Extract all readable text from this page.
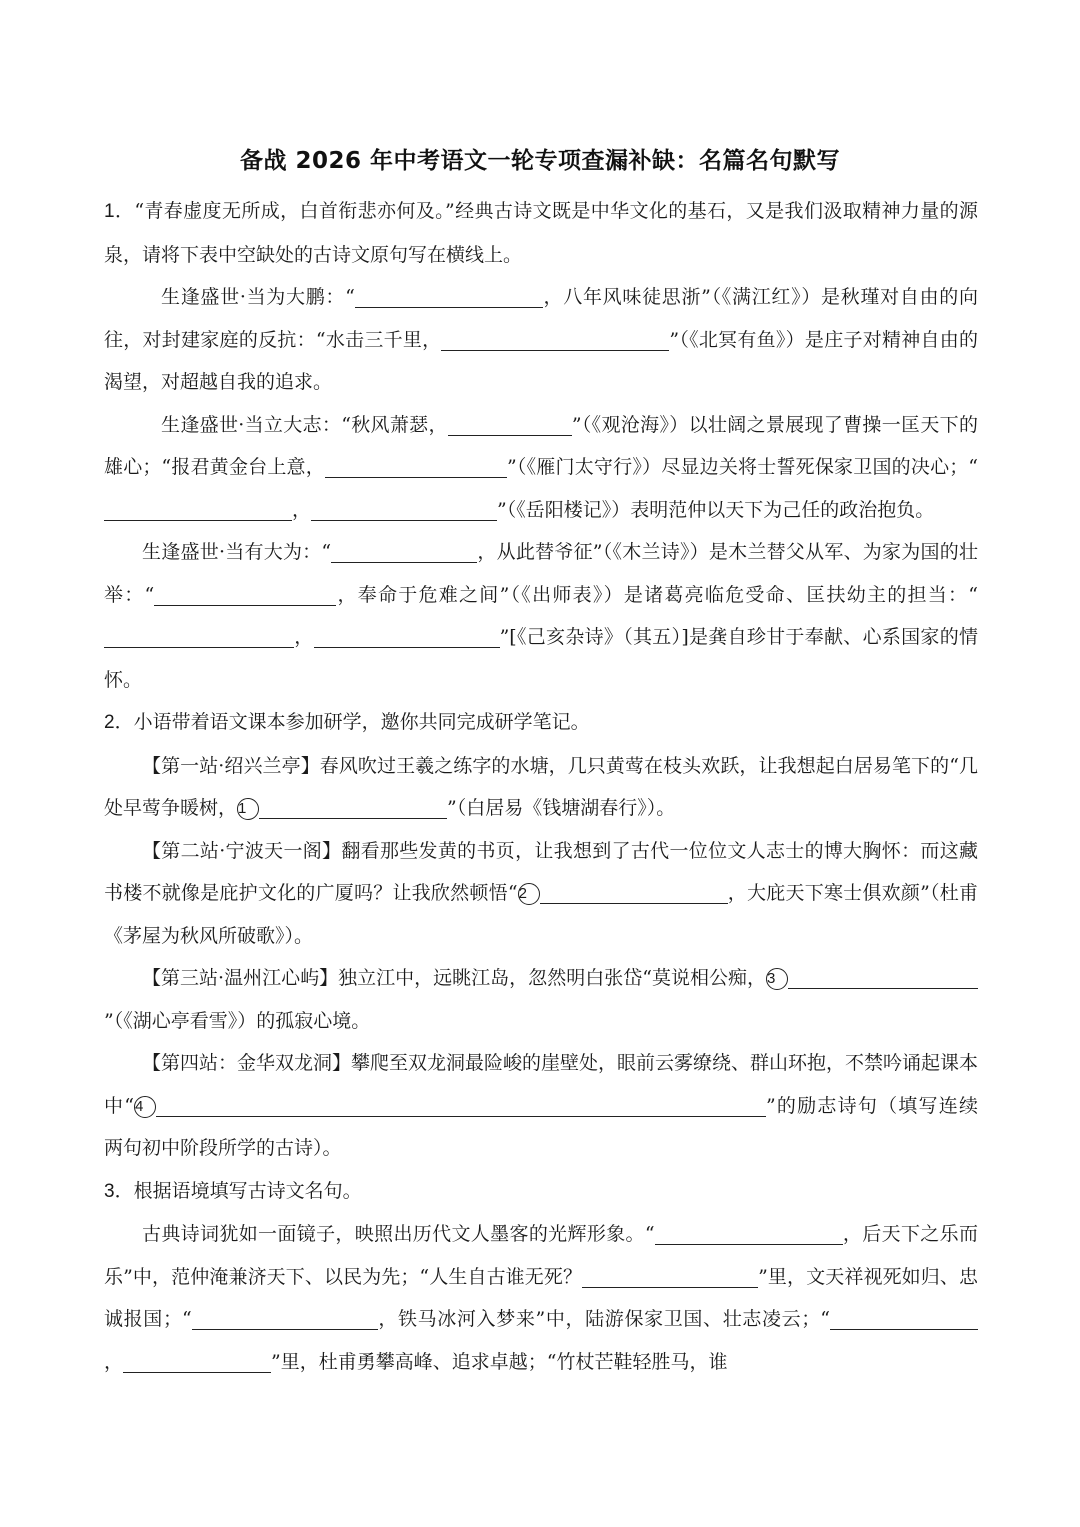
备战 2026 年中考语文一轮专项查漏补缺：名篇名句默写

1．“青春虚度无所成，白首衔悲亦何及。”经典古诗文既是中华文化的基石，又是我们汲取精神力量的源泉，请将下表中空缺处的古诗文原句写在横线上。

生逢盛世·当为大鹏：“	，八年风味徒思浙”（《满江红》）是秋瑾对自由的向往，对封建家庭的反抗：“水击三千里，	”（《北冥有鱼》）是庄子对精神自由的渴望，对超越自我的追求。

生逢盛世·当立大志：“秋风萧瑟，	”（《观沧海》）以壮阔之景展现了曹操一匡天下的雄心；“报君黄金台上意，	”（《雁门太守行》）尽显边关将士誓死保家卫国的决心；“，	”（《岳阳楼记》）表明范仲以天下为己任的政治抱负。

生逢盛世·当有大为：“	，从此替爷征”（《木兰诗》）是木兰替父从军、为家为国的壮举：“	，奉命于危难之间”（《出师表》）是诸葛亮临危受命、匡扶幼主的担当：“，	”[《己亥杂诗》（其五）]是龚自珍甘于奉献、心系国家的情怀。

2．小语带着语文课本参加研学，邀你共同完成研学笔记。

【第一站·绍兴兰亭】春风吹过王羲之练字的水塘，几只黄莺在枝头欢跃，让我想起白居易笔下的“几处早莺争暖树，1	”（白居易《钱塘湖春行》）。

【第二站·宁波天一阁】翻看那些发黄的书页，让我想到了古代一位位文人志士的博大胸怀：而这藏书楼不就像是庇护文化的广厦吗？让我欣然顿悟“2	，大庇天下寒士俱欢颜”（杜甫《茅屋为秋风所破歌》）。

【第三站·温州江心屿】独立江中，远眺江岛，忽然明白张岱“莫说相公痴，3”（《湖心亭看雪》）的孤寂心境。

【第四站：金华双龙洞】攀爬至双龙洞最险峻的崖壁处，眼前云雾缭绕、群山环抱，不禁吟诵起课本中“4	”的励志诗句（填写连续两句初中阶段所学的古诗）。

3．根据语境填写古诗文名句。

古典诗词犹如一面镜子，映照出历代文人墨客的光辉形象。“	，后天下之乐而乐”中，范仲淹兼济天下、以民为先；“人生自古谁无死？	”里，文天祥视死如归、忠诚报国；“	，铁马冰河入梦来”中，陆游保家卫国、壮志凌云；“，	”里，杜甫勇攀高峰、追求卓越；“竹杖芒鞋轻胜马，谁
